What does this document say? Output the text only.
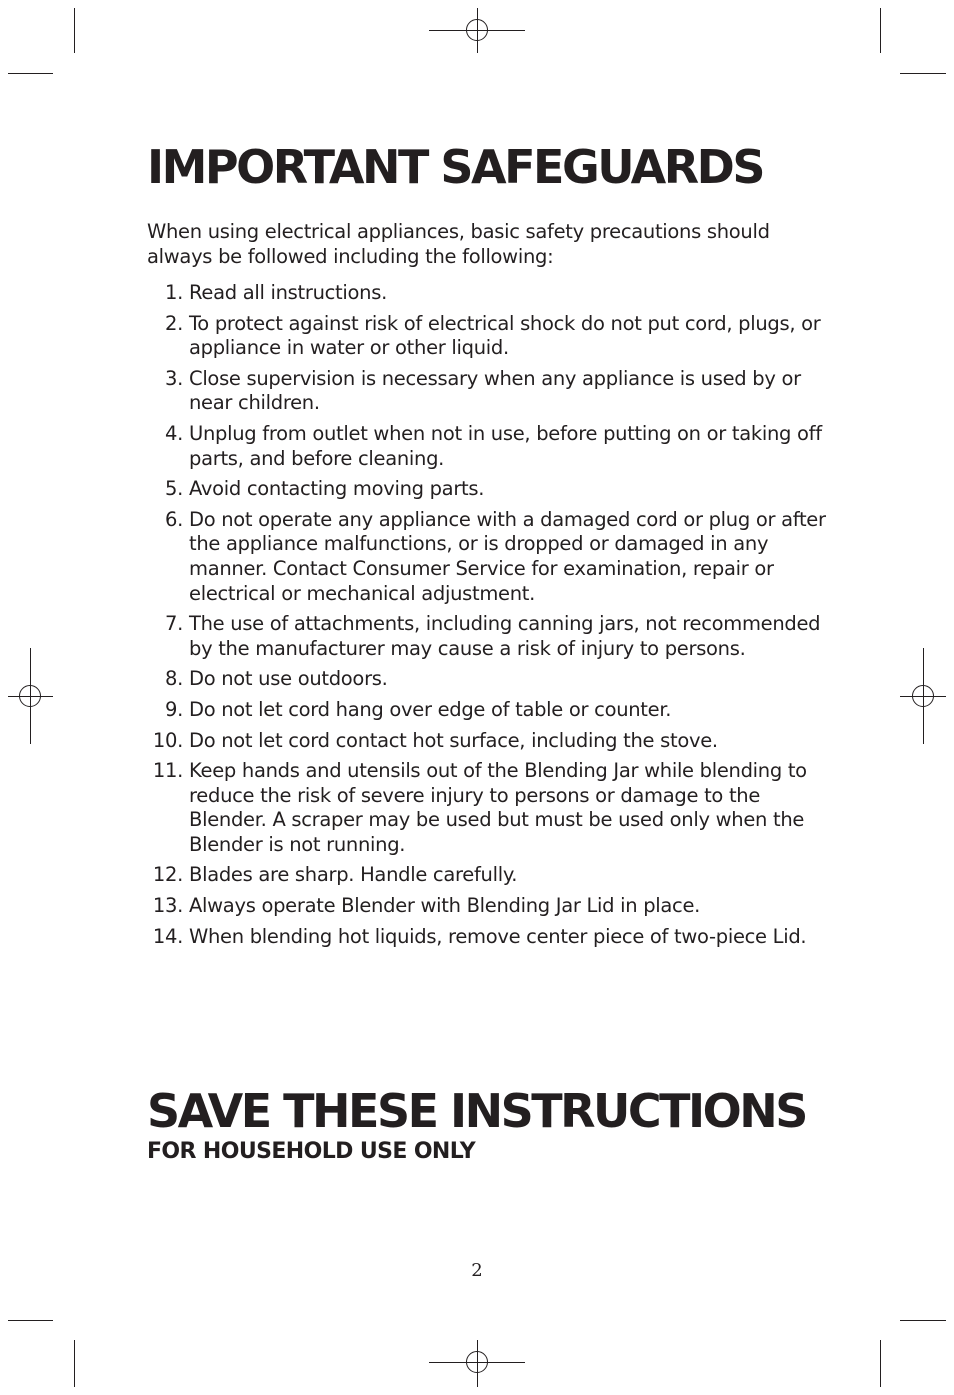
IMPORTANT SAFEGUARDS

When using electrical appliances, basic safety precautions should always be followed including the following:

1. Read all instructions.
2. To protect against risk of electrical shock do not put cord, plugs, or appliance in water or other liquid.
3. Close supervision is necessary when any appliance is used by or near children.
4. Unplug from outlet when not in use, before putting on or taking off parts, and before cleaning.
5. Avoid contacting moving parts.
6. Do not operate any appliance with a damaged cord or plug or after the appliance malfunctions, or is dropped or damaged in any manner. Contact Consumer Service for examination, repair or electrical or mechanical adjustment.
7. The use of attachments, including canning jars, not recommended by the manufacturer may cause a risk of injury to persons.
8. Do not use outdoors.
9. Do not let cord hang over edge of table or counter.
10. Do not let cord contact hot surface, including the stove.
11. Keep hands and utensils out of the Blending Jar while blending to reduce the risk of severe injury to persons or damage to the Blender. A scraper may be used but must be used only when the Blender is not running.
12. Blades are sharp. Handle carefully.
13. Always operate Blender with Blending Jar Lid in place.
14. When blending hot liquids, remove center piece of two-piece Lid.
SAVE THESE INSTRUCTIONS
FOR HOUSEHOLD USE ONLY
2
